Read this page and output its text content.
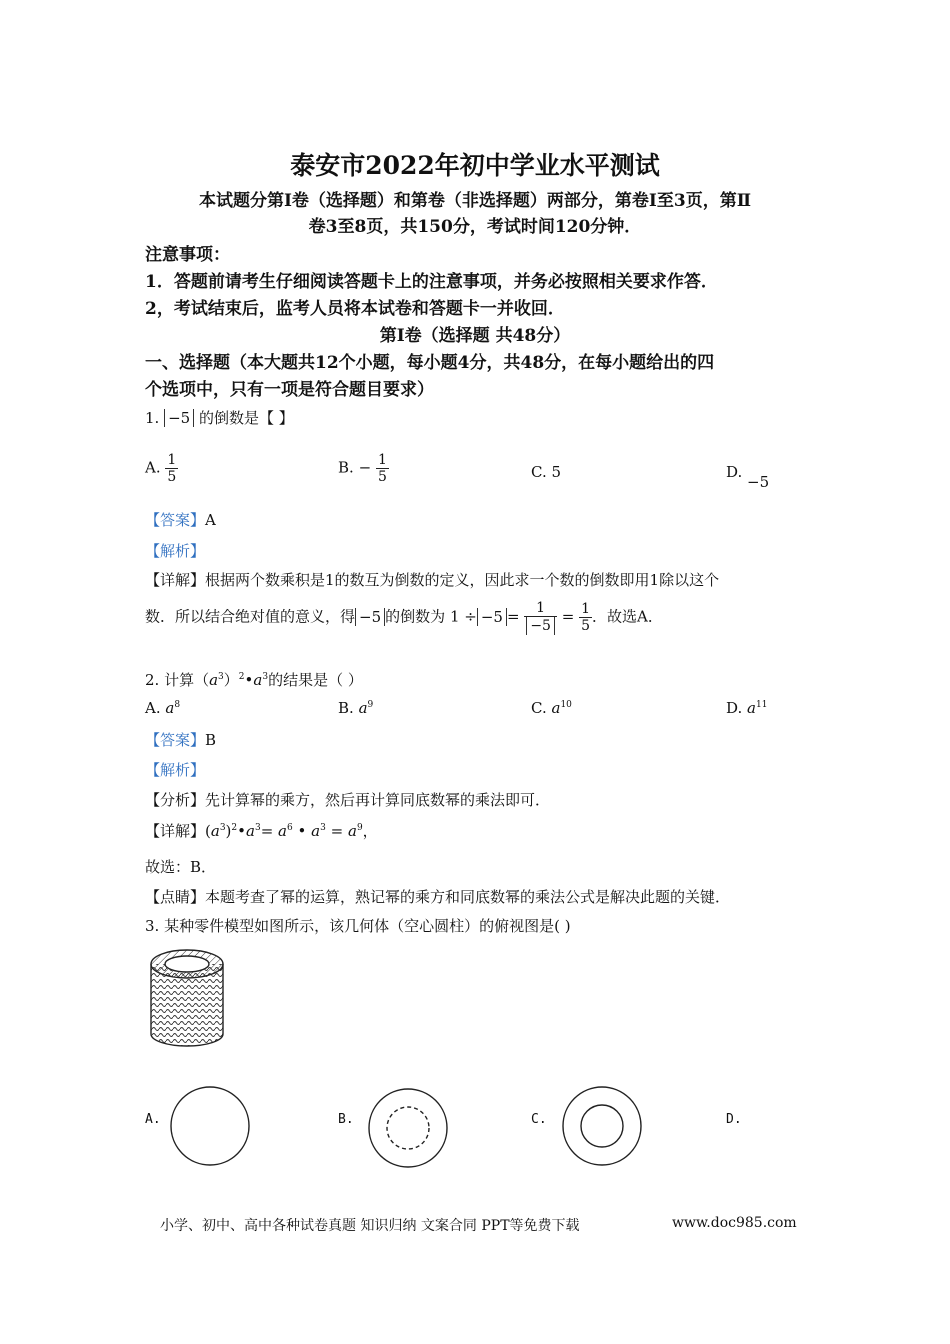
泰安市2022年初中学业水平测试
本试题分第Ⅰ卷（选择题）和第卷（非选择题）两部分，第卷Ⅰ至3页，第Ⅱ
卷3至8页，共150分，考试时间120分钟．
注意事项：
1．答题前请考生仔细阅读答题卡上的注意事项，并务必按照相关要求作答．
2，考试结束后，监考人员将本试卷和答题卡一并收回．
第Ⅰ卷（选择题 共48分）
一、选择题（本大题共12个小题，每小题4分，共48分，在每小题给出的四
个选项中，只有一项是符合题目要求）
1. −5 的倒数是【 】
A. $\frac{1}{5}$	B. − $\frac{1}{5}$	C. 5	D. −5
【答案】A
【解析】
【详解】根据两个数乘积是1的数互为倒数的定义，因此求一个数的倒数即用1除以这个
数．所以结合绝对值的意义，得 −5 的倒数为 $1 \div -5 = \frac{1}{-5} = \frac{1}{5}$ ．故选A．
2. 计算$(a^3)^2•a^3$的结果是（ ）
A. $a^8$	B. $a^9$	C. $a^{10}$	D. $a^{11}$
【答案】B
【解析】
【分析】先计算幂的乘方，然后再计算同底数幂的乘法即可．
【详解】$(a^3)^2•a^3= a^6$ • $a^3 = a^9$，
故选：B．
【点睛】本题考查了幂的运算，熟记幂的乘方和同底数幂的乘法公式是解决此题的关键．
3. 某种零件模型如图所示，该几何体（空心圆柱）的俯视图是( )
A.	B.	C.	D.
小学、初中、高中各种试卷真题 知识归纳 文案合同 PPT等免费下载	www.doc985.com
